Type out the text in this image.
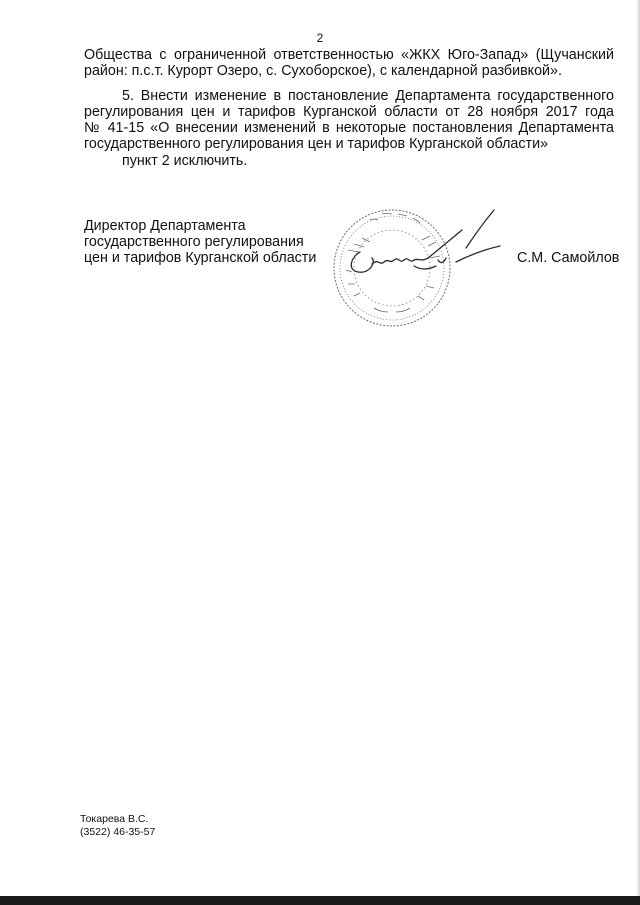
2

Общества с ограниченной ответственностью «ЖКХ Юго-Запад» (Щучанский
район: п.с.т. Курорт Озеро, с. Сухоборское), с календарной разбивкой».

5. Внести изменение в постановление Департамента государственного
регулирования цен и тарифов Курганской области от 28 ноября 2017 года
№ 41-15 «О внесении изменений в некоторые постановления Департамента
государственного регулирования цен и тарифов Курганской области»

пункт 2 исключить.

Директор Департамента
государственного регулирования
цен и тарифов Курганской области	С.М. Самойлов
Токарева В.С.
(3522) 46-35-57
